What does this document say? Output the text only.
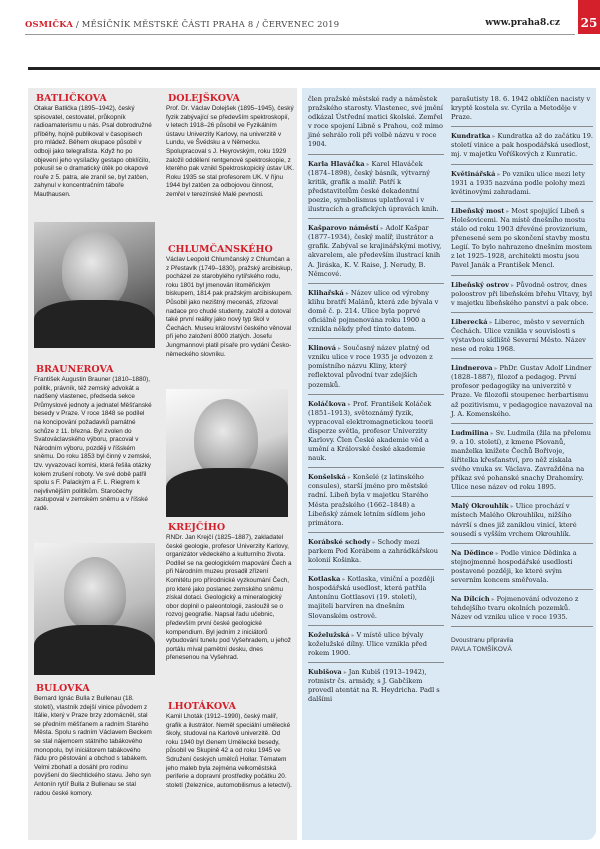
OSMIČKA / MĚSÍČNÍK MĚSTSKÉ ČÁSTI PRAHA 8 / ČERVENEC 2019	www.praha8.cz 25
BATLIČKOVA

Otakar Batlička (1895–1942), český spisovatel, cestovatel, průkopník radioamaterismu u nás. Psal dobrodružné příběhy, hojně publikoval v časopisech pro mládež. Během okupace působil v odboji jako telegrafista. Když ho po objevení jeho vysílačky gestapo obklíčilo, pokusil se o dramatický útěk po okapové rouře z 5. patra, ale zranil se, byl zatčen, zahynul v koncentračním táboře Mauthausen.

BRAUNEROVA

František Augustin Brauner (1810–1880), politik, právník, též zemský advokát a nadšený vlastenec, předseda sekce Průmyslové jednoty a jednatel Měšťanské besedy v Praze. V roce 1848 se podílel na koncipování požadavků památné schůze z 11. března. Byl zvolen do Svatováclavského výboru, pracoval v Národním výboru, později v říšském sněmu. Do roku 1853 byl činný v zemské, tzv. vyvazovací komisi, která řešila otázky kolem zrušení roboty. Ve své době patřil spolu s F. Palackým a F. L. Riegrem k nejvlivnějším politikům. Staročechy zastupoval v zemském sněmu a v říšské radě.

BULOVKA

Bernard Ignác Bulla z Bullenau (18. století), vlastník zdejší vinice původem z Itálie, který v Praze brzy zdomácněl, stal se předním měšťanem a radním Starého Města. Spolu s radním Václavem Beckem se stal nájemcem státního tabákového monopolu, byl iniciátorem tabákového řádu pro pěstování a obchod s tabákem. Velmi zbohatl a dosáhl pro rodinu povýšení do šlechtického stavu. Jeho syn Antonín rytíř Bulla z Bullenau se stal radou české komory.

DOLEJŠKOVA

Prof. Dr. Václav Dolejšek (1895–1945), český fyzik zabývající se především spektroskopií, v letech 1918–26 působil ve Fyzikálním ústavu Univerzity Karlovy, na univerzitě v Lundu, ve Švédsku a v Německu. Spolupracoval s J. Heyrovským, roku 1929 založil oddělení rentgenové spektroskopie, z kterého pak vznikl Spektroskopický ústav UK. Roku 1935 se stal profesorem UK. V říjnu 1944 byl zatčen za odbojovou činnost, zemřel v terezínské Malé pevnosti.

CHLUMČANSKÉHO

Václav Leopold Chlumčanský z Chlumčan a z Přestavlk (1749–1830), pražský arcibiskup, pocházel ze starobylého rytířského rodu, roku 1801 byl jmenován litoměřickým biskupem, 1814 pak pražským arcibiskupem. Působil jako nezištný mecenáš, zřizoval nadace pro chudé studenty, založil a dotoval také první reálky jako nový typ škol v Čechách. Museu království českého věnoval při jeho založení 8000 zlatých. Josefu Jungmannovi platil písaře pro vydání Česko-německého slovníku.

KREJČÍHO

RNDr. Jan Krejčí (1825–1887), zakladatel české geologie, profesor Univerzity Karlovy, organizátor vědeckého a kulturního života. Podílel se na geologickém mapování Čech a při Národním muzeu prosadil zřízení Komitétu pro přírodnické vyzkoumání Čech, pro které jako poslanec zemského sněmu získal dotaci. Geologický a mineralogický obor doplnil o paleontologii, zasloužil se o rozvoj geografie. Napsal řadu učebnic, především první české geologické kompendium. Byl jedním z iniciátorů vybudování tunelu pod Vyšehradem, u jehož portálu míval pamětní desku, dnes přenesenou na Vyšehrad.

LHOTÁKOVA

Kamil Lhoták (1912–1990), český malíř, grafik a ilustrátor. Neměl speciální umělecké školy, studoval na Karlově univerzitě. Od roku 1940 byl členem Umělecké besedy, působil ve Skupině 42 a od roku 1945 ve Sdružení českých umělců Hollar. Tématem jeho maleb byla zejména velkoměstská periferie a dopravní prostředky počátku 20. století (železnice, automobilismus a letectví).

člen pražské městské rady a náměstek pražského starosty. Vlastenec, své jmění odkázal Ústřední matici školské. Zemřel v roce spojení Libně s Prahou, což mimo jiné sehrálo roli při volbě názvu v roce 1904.
Karla Hlaváčka ▸ Karel Hlaváček (1874–1898), český básník, výtvarný kritik, grafik a malíř. Patří k představitelům české dekadentní poezie, symbolismus uplatňoval i v ilustracích a grafických úpravách knih.
Kašparovo náměstí ▸ Adolf Kašpar (1877–1934), český malíř, ilustrátor a grafik. Zabýval se krajinářskými motivy, akvarelem, ale především ilustrací knih A. Jiráska, K. V. Raise, J. Nerudy, B. Němcové.
Klihařská ▸ Název ulice od výrobny klihu bratří Malánů, která zde bývala v domě č. p. 214. Ulice byla poprvé oficiálně pojmenována roku 1900 a vznikla někdy před tímto datem.
Klinová ▸ Současný název platný od vzniku ulice v roce 1935 je odvozen z pomístního názvu Kliny, který reflektoval původní tvar zdejších pozemků.
Koláčkova ▸ Prof. František Koláček (1851–1913), světoznámý fyzik, vypracoval elektromagnetickou teorii disperze světla, profesor Univerzity Karlovy. Člen České akademie věd a umění a Královské české akademie nauk.
Konšelská ▸ Konšelé (z latinského consules), starší jméno pro městské radní. Libeň byla v majetku Starého Města pražského (1662–1848) a Libeňský zámek letním sídlem jeho primátora.
Korábské schody ▸ Schody mezi parkem Pod Korábem a zahrádkářskou kolonií Košinka.
Kotlaska ▸ Kotlaska, viniční a později hospodářská usedlost, která patřila Antonínu Gottlasovi (19. století), majiteli barvíren na dnešním Slovanském ostrově.
Koželužská ▸ V místě ulice bývaly koželužské dílny. Ulice vznikla před rokem 1900.
Kubišova ▸ Jan Kubiš (1913–1942), rotmistr čs. armády, s J. Gabčíkem provedl atentát na R. Heydricha. Padl s dalšími
parašutisty 18. 6. 1942 obklíčen nacisty v kryptě kostela sv. Cyrila a Metoděje v Praze.
Kundratka ▸ Kundratka až do začátku 19. století vinice a pak hospodářská usedlost, mj. v majetku Voříškových z Kunratic.
Květinářská ▸ Po vzniku ulice mezi lety 1931 a 1935 nazvána podle polohy mezi květinovými zahradami.
Libeňský most ▸ Most spojující Libeň s Holešovicemi. Na místě dnešního mostu stálo od roku 1903 dřevěné provizorium, přenesené sem po skončení stavby mostu Legií. To bylo nahrazeno dnešním mostem z let 1925–1928, architekti mostu jsou Pavel Janák a František Mencl.
Libeňský ostrov ▸ Původně ostrov, dnes poloostrov při libeňském břehu Vltavy, byl v majetku libeňského panství a pak obce.
Liberecká ▸ Liberec, město v severních Čechách. Ulice vznikla v souvislosti s výstavbou sídliště Severní Město. Název nese od roku 1968.
Lindnerova ▸ PhDr. Gustav Adolf Lindner (1828–1887), filozof a pedagog. První profesor pedagogiky na univerzitě v Praze. Ve filozofii stoupenec herbartismu až pozitivismu, v pedagogice navazoval na J. A. Komenského.
Ludmilina ▸ Sv. Ludmila (žila na přelomu 9. a 10. století), z kmene Pšovanů, manželka knížete Čechů Bořivoje, šiřitelka křesťanství, pro něž získala svého vnuka sv. Václava. Zavražděna na příkaz své pohanské snachy Drahomíry. Ulice nese název od roku 1895.
Malý Okrouhlík ▸ Ulice prochází v místech Malého Okrouhlíku, nižšího návrší s dnes již zaniklou vinicí, které sousedí s vyšším vrchem Okrouhlík.
Na Dědince ▸ Podle vinice Dědinka a stejnojmenné hospodářské usedlosti postavené později, ke které svým severním koncem směřovala.
Na Dílcích ▸ Pojmenování odvozeno z tehdejšího tvaru okolních pozemků. Název od vzniku ulice v roce 1935.
Dvoustranu připravila
PAVLA TOMŠÍKOVÁ
